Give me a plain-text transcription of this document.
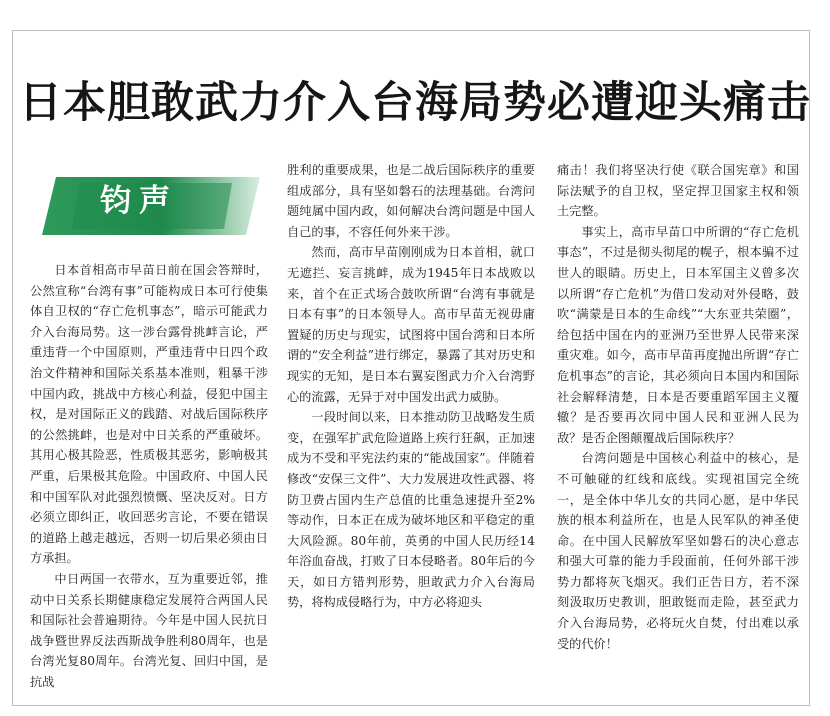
日本胆敢武力介入台海局势必遭迎头痛击
钧声

日本首相高市早苗日前在国会答辩时，公然宣称“台湾有事”可能构成日本可行使集体自卫权的“存亡危机事态”，暗示可能武力介入台海局势。这一涉台露骨挑衅言论，严重违背一个中国原则，严重违背中日四个政治文件精神和国际关系基本准则，粗暴干涉中国内政，挑战中方核心利益，侵犯中国主权，是对国际正义的践踏、对战后国际秩序的公然挑衅，也是对中日关系的严重破坏。其用心极其险恶，性质极其恶劣，影响极其严重，后果极其危险。中国政府、中国人民和中国军队对此强烈愤慨、坚决反对。日方必须立即纠正，收回恶劣言论，不要在错误的道路上越走越远，否则一切后果必须由日方承担。

中日两国一衣带水，互为重要近邻，推动中日关系长期健康稳定发展符合两国人民和国际社会普遍期待。今年是中国人民抗日战争暨世界反法西斯战争胜利80周年，也是台湾光复80周年。台湾光复、回归中国，是抗战

胜利的重要成果，也是二战后国际秩序的重要组成部分，具有坚如磐石的法理基础。台湾问题纯属中国内政，如何解决台湾问题是中国人自己的事，不容任何外来干涉。

然而，高市早苗刚刚成为日本首相，就口无遮拦、妄言挑衅，成为1945年日本战败以来，首个在正式场合鼓吹所谓“台湾有事就是日本有事”的日本领导人。高市早苗无视毋庸置疑的历史与现实，试图将中国台湾和日本所谓的“安全利益”进行绑定，暴露了其对历史和现实的无知，是日本右翼妄图武力介入台湾野心的流露，无异于对中国发出武力威胁。

一段时间以来，日本推动防卫战略发生质变，在强军扩武危险道路上疾行狂飙，正加速成为不受和平宪法约束的“能战国家”。伴随着修改“安保三文件”、大力发展进攻性武器、将防卫费占国内生产总值的比重急速提升至2%等动作，日本正在成为破坏地区和平稳定的重大风险源。80年前，英勇的中国人民历经14年浴血奋战，打败了日本侵略者。80年后的今天，如日方错判形势，胆敢武力介入台海局势，将构成侵略行为，中方必将迎头

痛击！我们将坚决行使《联合国宪章》和国际法赋予的自卫权，坚定捍卫国家主权和领土完整。

事实上，高市早苗口中所谓的“存亡危机事态”，不过是彻头彻尾的幌子，根本骗不过世人的眼睛。历史上，日本军国主义曾多次以所谓“存亡危机”为借口发动对外侵略，鼓吹“满蒙是日本的生命线”“大东亚共荣圈”，给包括中国在内的亚洲乃至世界人民带来深重灾难。如今，高市早苗再度抛出所谓“存亡危机事态”的言论，其必须向日本国内和国际社会解释清楚，日本是否要重蹈军国主义覆辙？是否要再次同中国人民和亚洲人民为敌？是否企图颠覆战后国际秩序？

台湾问题是中国核心利益中的核心，是不可触碰的红线和底线。实现祖国完全统一，是全体中华儿女的共同心愿，是中华民族的根本利益所在，也是人民军队的神圣使命。在中国人民解放军坚如磐石的决心意志和强大可靠的能力手段面前，任何外部干涉势力都将灰飞烟灭。我们正告日方，若不深刻汲取历史教训，胆敢铤而走险，甚至武力介入台海局势，必将玩火自焚，付出难以承受的代价！
